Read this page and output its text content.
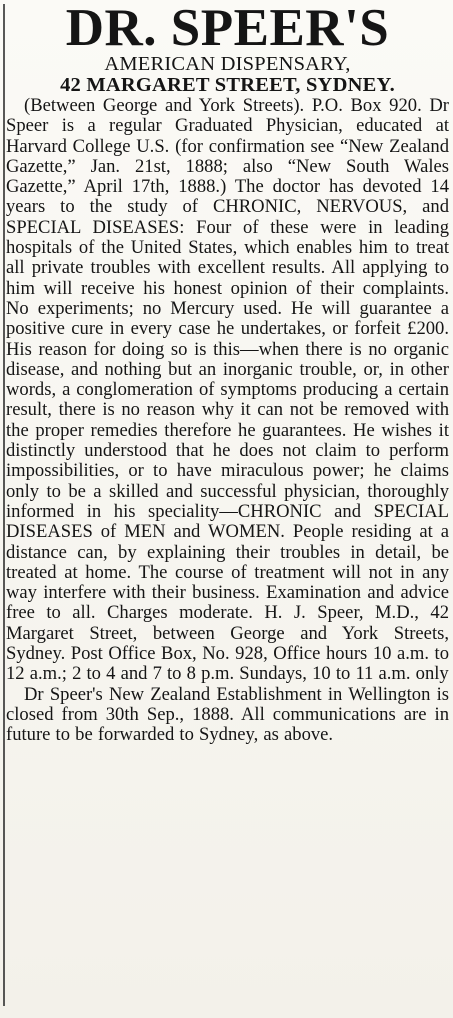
DR. SPEER'S
AMERICAN DISPENSARY,
42 MARGARET STREET, SYDNEY.

(Between George and York Streets). P.O. Box 920. Dr Speer is a regular Graduated Physician, educated at Harvard College U.S. (for confirmation see “New Zealand Gazette,” Jan. 21st, 1888; also “New South Wales Gazette,” April 17th, 1888.) The doctor has devoted 14 years to the study of CHRONIC, NERVOUS, and SPECIAL DISEASES: Four of these were in leading hospitals of the United States, which enables him to treat all private troubles with excellent results. All applying to him will receive his honest opinion of their complaints. No experiments; no Mercury used. He will guarantee a positive cure in every case he undertakes, or forfeit £200. His reason for doing so is this—when there is no organic disease, and nothing but an inorganic trouble, or, in other words, a conglomeration of symptoms producing a certain result, there is no reason why it can not be removed with the proper remedies therefore he guarantees. He wishes it distinctly understood that he does not claim to perform impossibilities, or to have miraculous power; he claims only to be a skilled and successful physician, thoroughly informed in his speciality—CHRONIC and SPECIAL DISEASES of MEN and WOMEN. People residing at a distance can, by explaining their troubles in detail, be treated at home. The course of treatment will not in any way interfere with their business. Examination and advice free to all. Charges moderate. H. J. Speer, M.D., 42 Margaret Street, between George and York Streets, Sydney. Post Office Box, No. 928, Office hours 10 a.m. to 12 a.m.; 2 to 4 and 7 to 8 p.m. Sundays, 10 to 11 a.m. only

Dr Speer's New Zealand Establishment in Wellington is closed from 30th Sep., 1888. All communications are in future to be forwarded to Sydney, as above.
